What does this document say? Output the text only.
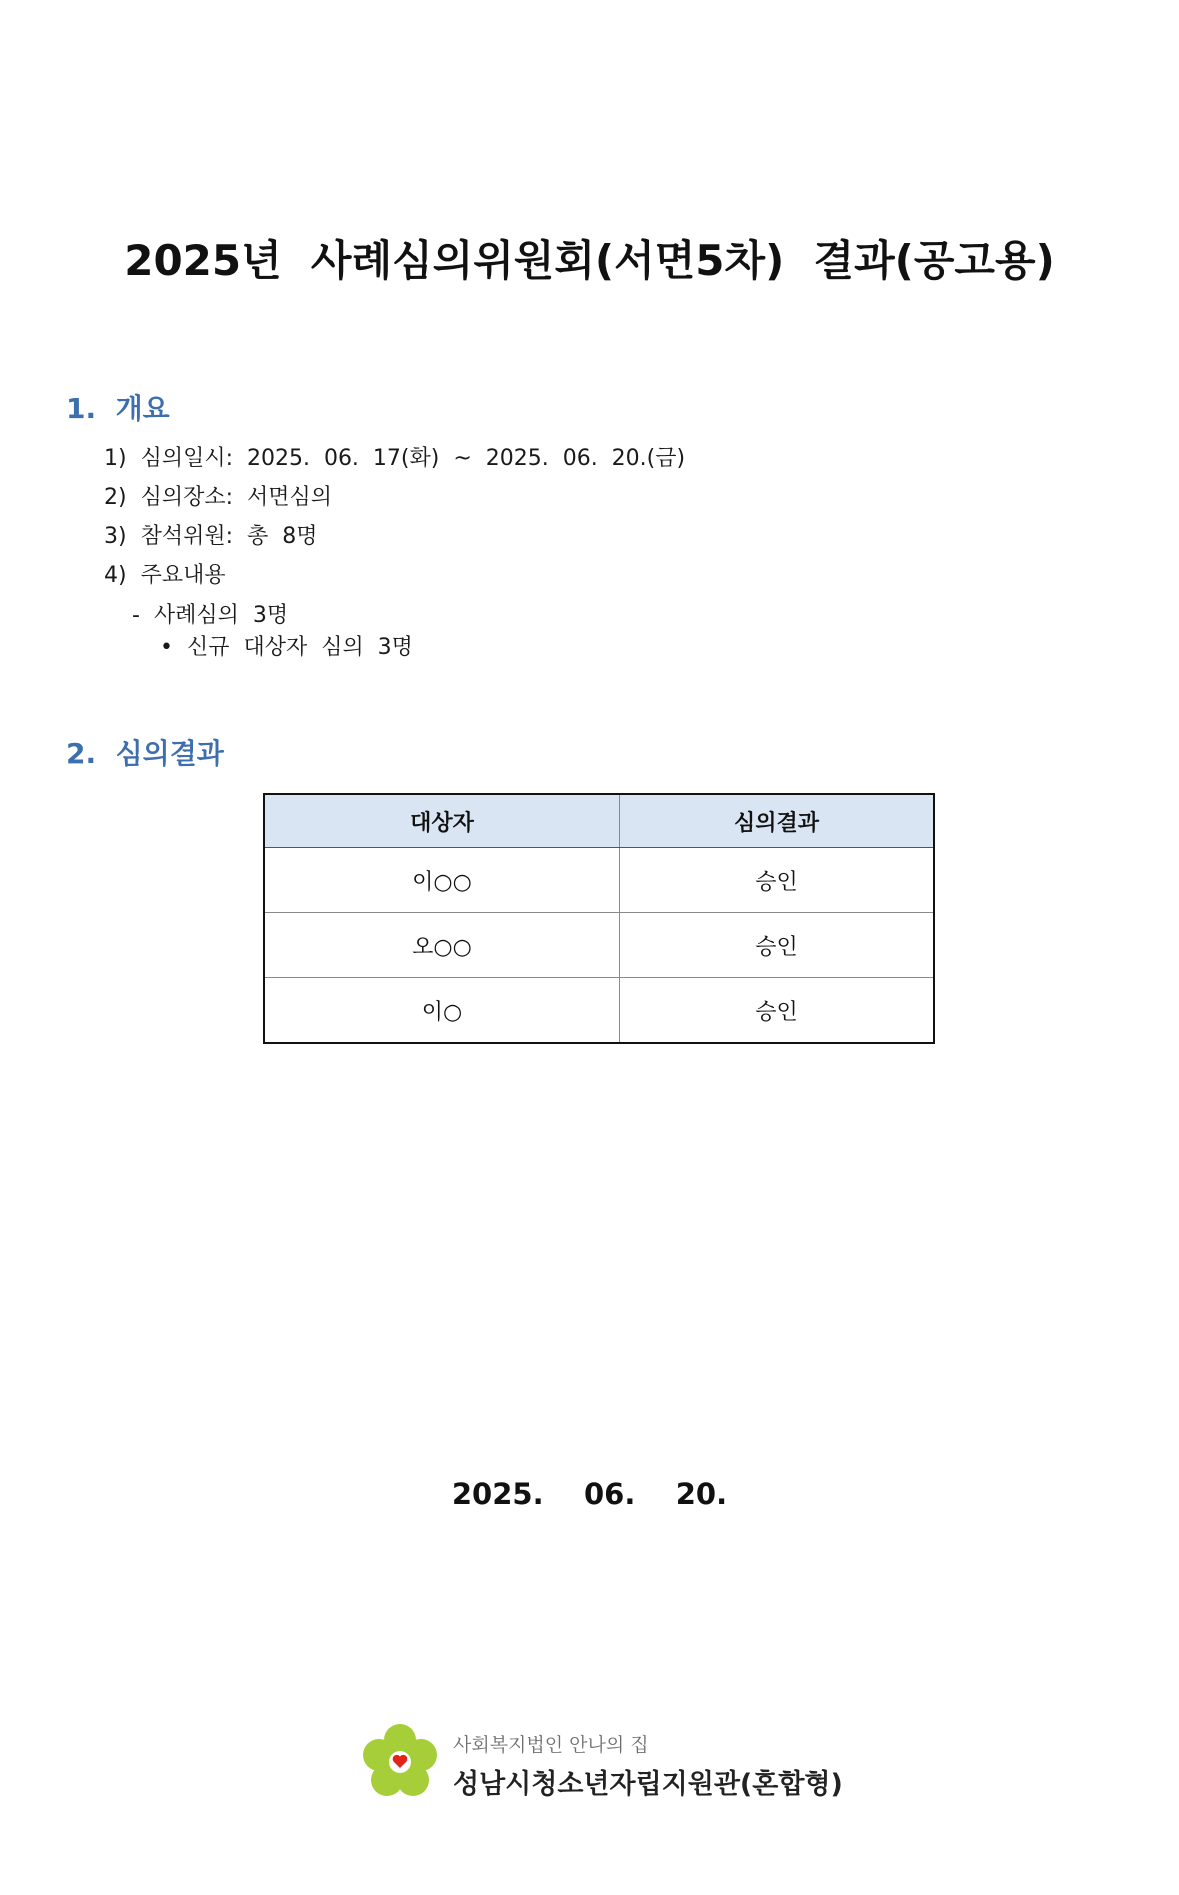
2025년  사례심의위원회(서면5차)  결과(공고용)
1.  개요
1)  심의일시:  2025.  06.  17(화)  ~  2025.  06.  20.(금)
2)  심의장소:  서면심의
3)  참석위원:  총  8명
4)  주요내용
-  사례심의  3명
•  신규  대상자  심의  3명
2.  심의결과
대상자	심의결과
이○○	승인
오○○	승인
이○	승인
2025.    06.    20.
사회복지법인 안나의 집
성남시청소년자립지원관(혼합형)
